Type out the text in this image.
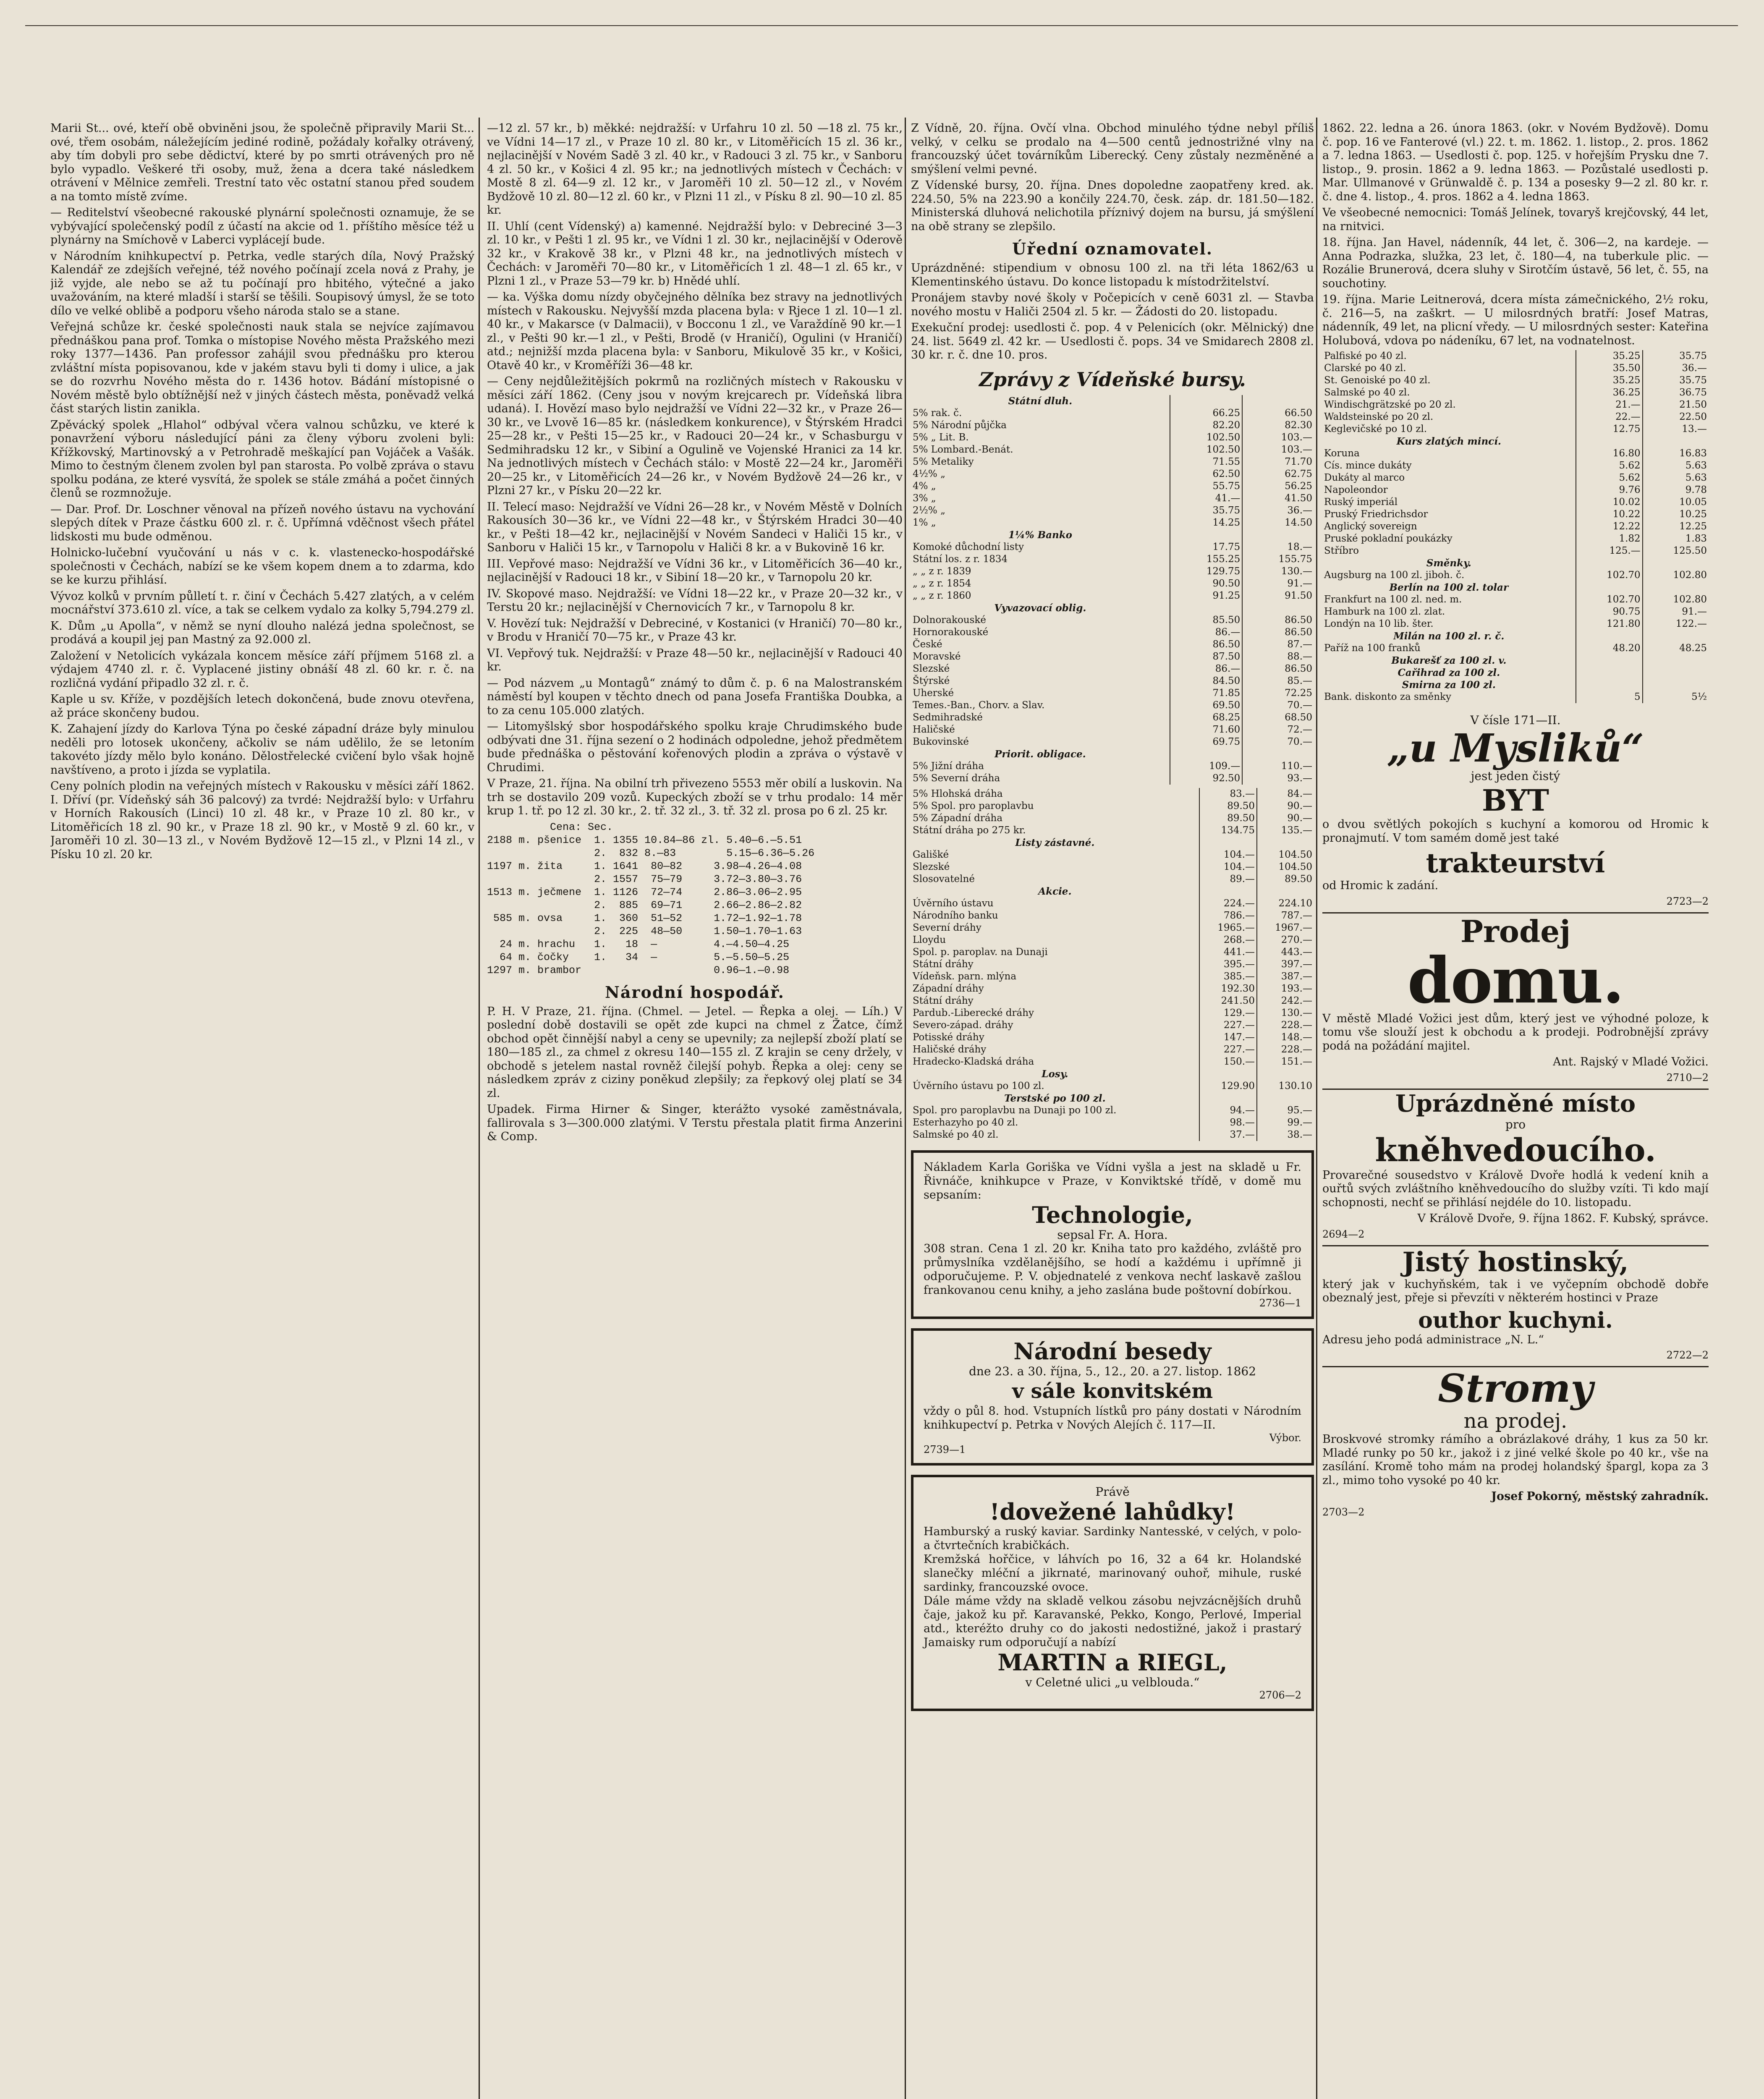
Marii St... ové, kteří obě obviněni jsou, že společně připravily Marii St... ové, třem osobám, náležejícím jediné rodině, požádaly kořalky otrávený, aby tím dobyli pro sebe dědictví, které by po smrti otrávených pro ně bylo vypadlo. Veškeré tři osoby, muž, žena a dcera také následkem otrávení v Mělnice zemřeli. Trestní tato věc ostatní stanou před soudem a na tomto místě zvíme.

— Reditelství všeobecné rakouské plynární společnosti oznamuje, že se vybývající společenský podíl z účastí na akcie od 1. příštího měsíce též u plynárny na Smíchově v Laberci vyplácejí bude.

v Národním knihkupectví p. Petrka, vedle starých díla, Nový Pražský Kalendář ze zdejších veřejné, též nového počínají zcela nová z Prahy, je již vyjde, ale nebo se až tu počínají pro hbitého, výtečné a jako uvažováním, na které mladší i starší se těšili. Soupisový úmysl, že se toto dílo ve velké oblibě a podporu všeho národa stalo se a stane.

Veřejná schůze kr. české společnosti nauk stala se nejvíce zajímavou přednáškou pana prof. Tomka o místopise Nového města Pražského mezi roky 1377—1436. Pan professor zahájil svou přednášku pro kterou zvláštní místa popisovanou, kde v jakém stavu byli ti domy i ulice, a jak se do rozvrhu Nového města do r. 1436 hotov. Bádání místopisné o Novém městě bylo obtížnější než v jiných částech města, poněvadž velká část starých listin zanikla.

Zpěvácký spolek „Hlahol“ odbýval včera valnou schůzku, ve které k ponavržení výboru následující páni za členy výboru zvoleni byli: Křížkovský, Martinovský a v Petrohradě meškající pan Vojáček a Vašák. Mimo to čestným členem zvolen byl pan starosta. Po volbě zpráva o stavu spolku podána, ze které vysvítá, že spolek se stále zmáhá a počet činných členů se rozmnožuje.

— Dar. Prof. Dr. Loschner věnoval na přízeň nového ústavu na vychování slepých dítek v Praze částku 600 zl. r. č. Upřímná vděčnost všech přátel lidskosti mu bude odměnou.

Holnicko-lučební vyučování u nás v c. k. vlastenecko-hospodářské společnosti v Čechách, nabízí se ke všem kopem dnem a to zdarma, kdo se ke kurzu přihlásí.

Vývoz kolků v prvním půlletí t. r. činí v Čechách 5.427 zlatých, a v celém mocnářství 373.610 zl. více, a tak se celkem vydalo za kolky 5,794.279 zl.

K. Dům „u Apolla“, v němž se nyní dlouho nalézá jedna společnost, se prodává a koupil jej pan Mastný za 92.000 zl.

Založení v Netolicích vykázala koncem měsíce září příjmem 5168 zl. a výdajem 4740 zl. r. č. Vyplacené jistiny obnáší 48 zl. 60 kr. r. č. na rozličná vydání připadlo 32 zl. r. č.

Kaple u sv. Kříže, v pozdějších letech dokončená, bude znovu otevřena, až práce skončeny budou.

K. Zahajení jízdy do Karlova Týna po české západní dráze byly minulou neděli pro lotosek ukončeny, ačkoliv se nám udělilo, že se letoním takovéto jízdy mělo bylo konáno. Dělostřelecké cvičení bylo však hojně navštíveno, a proto i jízda se vyplatila.

Ceny polních plodin na veřejných místech v Rakousku v měsíci září 1862. I. Dříví (pr. Vídeňský sáh 36 palcový) za tvrdé: Nejdražší bylo: v Urfahru v Horních Rakousích (Linci) 10 zl. 48 kr., v Praze 10 zl. 80 kr., v Litoměřicích 18 zl. 90 kr., v Praze 18 zl. 90 kr., v Mostě 9 zl. 60 kr., v Jaroměři 10 zl. 30—13 zl., v Novém Bydžově 12—15 zl., v Plzni 14 zl., v Písku 10 zl. 20 kr.

—12 zl. 57 kr., b) měkké: nejdražší: v Urfahru 10 zl. 50 —18 zl. 75 kr., ve Vídni 14—17 zl., v Praze 10 zl. 80 kr., v Litoměřicích 15 zl. 36 kr., nejlacinější v Novém Sadě 3 zl. 40 kr., v Radouci 3 zl. 75 kr., v Sanboru 4 zl. 50 kr., v Košici 4 zl. 95 kr.; na jednotlivých místech v Čechách: v Mostě 8 zl. 64—9 zl. 12 kr., v Jaroměři 10 zl. 50—12 zl., v Novém Bydžově 10 zl. 80—12 zl. 60 kr., v Plzni 11 zl., v Písku 8 zl. 90—10 zl. 85 kr.

II. Uhlí (cent Vídenský) a) kamenné. Nejdražší bylo: v Debreciné 3—3 zl. 10 kr., v Pešti 1 zl. 95 kr., ve Vídni 1 zl. 30 kr., nejlacinější v Oderově 32 kr., v Krakově 38 kr., v Plzni 48 kr., na jednotlivých místech v Čechách: v Jaroměři 70—80 kr., v Litoměřicích 1 zl. 48—1 zl. 65 kr., v Plzni 1 zl., v Praze 53—79 kr. b) Hnědé uhlí.

— ka. Výška domu nízdy obyčejného dělníka bez stravy na jednotlivých místech v Rakousku. Nejvyšší mzda placena byla: v Rjece 1 zl. 10—1 zl. 40 kr., v Makarsce (v Dalmacii), v Bocconu 1 zl., ve Varaždíně 90 kr.—1 zl., v Pešti 90 kr.—1 zl., v Pešti, Brodě (v Hraničí), Ogulini (v Hraničí) atd.; nejnižší mzda placena byla: v Sanboru, Mikulově 35 kr., v Košici, Otavě 40 kr., v Kroměříži 36—48 kr.

— Ceny nejdůležitějších pokrmů na rozličných místech v Rakousku v měsíci září 1862. (Ceny jsou v novým krejcarech pr. Vídeňská libra udaná). I. Hovězí maso bylo nejdražší ve Vídni 22—32 kr., v Praze 26—30 kr., ve Lvově 16—85 kr. (následkem konkurence), v Štýrském Hradci 25—28 kr., v Pešti 15—25 kr., v Radouci 20—24 kr., v Schasburgu v Sedmihradsku 12 kr., v Sibiní a Ogulině ve Vojenské Hranici za 14 kr. Na jednotlivých místech v Čechách stálo: v Mostě 22—24 kr., Jaroměři 20—25 kr., v Litoměřicích 24—26 kr., v Novém Bydžově 24—26 kr., v Plzni 27 kr., v Písku 20—22 kr.

II. Telecí maso: Nejdražší ve Vídni 26—28 kr., v Novém Městě v Dolních Rakousích 30—36 kr., ve Vídni 22—48 kr., v Štýrském Hradci 30—40 kr., v Pešti 18—42 kr., nejlacinější v Novém Sandeci v Haliči 15 kr., v Sanboru v Haliči 15 kr., v Tarnopolu v Haliči 8 kr. a v Bukovině 16 kr.

III. Vepřové maso: Nejdražší ve Vídni 36 kr., v Litoměřicích 36—40 kr., nejlacinější v Radouci 18 kr., v Sibiní 18—20 kr., v Tarnopolu 20 kr.

IV. Skopové maso. Nejdražší: ve Vídni 18—22 kr., v Praze 20—32 kr., v Terstu 20 kr.; nejlacinější v Chernovicích 7 kr., v Tarnopolu 8 kr.

V. Hovězí tuk: Nejdražší v Debreciné, v Kostanici (v Hraničí) 70—80 kr., v Brodu v Hraničí 70—75 kr., v Praze 43 kr.

VI. Vepřový tuk. Nejdražší: v Praze 48—50 kr., nejlacinější v Radouci 40 kr.

— Pod názvem „u Montagů“ známý to dům č. p. 6 na Malostranském náměstí byl koupen v těchto dnech od pana Josefa Františka Doubka, a to za cenu 105.000 zlatých.

— Litomyšlský sbor hospodářského spolku kraje Chrudimského bude odbývati dne 31. října sezení o 2 hodinách odpoledne, jehož předmětem bude přednáška o pěstování kořenových plodin a zpráva o výstavě v Chrudimi.

V Praze, 21. října. Na obilní trh přivezeno 5553 měr obilí a luskovin. Na trh se dostavilo 209 vozů. Kupeckých zboží se v trhu prodalo: 14 měr krup 1. tř. po 12 zl. 30 kr., 2. tř. 32 zl., 3. tř. 32 zl. prosa po 6 zl. 25 kr.

Cena: Sec.
2188 m. pšenice  1. 1355 10.84—86 zl. 5.40—6.—5.51
2.  832 8.—83        5.15—6.36—5.26
1197 m. žita     1. 1641  80—82     3.98—4.26—4.08
2. 1557  75—79     3.72—3.80—3.76
1513 m. ječmene  1. 1126  72—74     2.86—3.06—2.95
2.  885  69—71     2.66—2.86—2.82
585 m. ovsa     1.  360  51—52     1.72—1.92—1.78
2.  225  48—50     1.50—1.70—1.63
24 m. hrachu   1.   18  —         4.—4.50—4.25
64 m. čočky    1.   34  —         5.—5.50—5.25
1297 m. brambor                     0.96—1.—0.98
Národní hospodář.

P. H. V Praze, 21. října. (Chmel. — Jetel. — Řepka a olej. — Líh.) V poslední době dostavili se opět zde kupci na chmel z Žatce, čímž obchod opět činnější nabyl a ceny se upevnily; za nejlepší zboží platí se 180—185 zl., za chmel z okresu 140—155 zl. Z krajin se ceny držely, v obchodě s jetelem nastal rovněž čilejší pohyb. Řepka a olej: ceny se následkem zpráv z ciziny poněkud zlepšily; za řepkový olej platí se 34 zl.

Upadek. Firma Hirner & Singer, kterážto vysoké zaměstnávala, fallirovala s 3—300.000 zlatými. V Terstu přestala platit firma Anzerini & Comp.

Z Vídně, 20. října. Ovčí vlna. Obchod minulého týdne nebyl příliš velký, v celku se prodalo na 4—500 centů jednostrižné vlny na francouzský účet továrníkům Liberecký. Ceny zůstaly nezměněné a smýšlení velmi pevné.

Z Vídenské bursy, 20. října. Dnes dopoledne zaopatřeny kred. ak. 224.50, 5% na 223.90 a končily 224.70, česk. záp. dr. 181.50—182. Ministerská dluhová nelichotila příznivý dojem na bursu, já smýšlení na obě strany se zlepšilo.

Úřední oznamovatel.

Uprázdněné: stipendium v obnosu 100 zl. na tři léta 1862/63 u Klementinského ústavu. Do konce listopadu k místodržitelství.

Pronájem stavby nové školy v Počepicích v ceně 6031 zl. — Stavba nového mostu v Haliči 2504 zl. 5 kr. — Žádosti do 20. listopadu.

Exekuční prodej: usedlosti č. pop. 4 v Pelenicích (okr. Mělnický) dne 24. list. 5649 zl. 42 kr. — Usedlosti č. pops. 34 ve Smidarech 2808 zl. 30 kr. r. č. dne 10. pros.

Zprávy z Vídeňské bursy.
Státní dluh.		
5% rak. č.	66.25	66.50
5% Národní půjčka	82.20	82.30
5% „ Lit. B.	102.50	103.—
5% Lombard.-Benát.	102.50	103.—
5% Metaliky	71.55	71.70
4½% „	62.50	62.75
4% „	55.75	56.25
3% „	41.—	41.50
2½% „	35.75	36.—
1% „	14.25	14.50
1¼% Banko		
Komoké důchodní listy	17.75	18.—
Státní los. z r. 1834	155.25	155.75
„ „ z r. 1839	129.75	130.—
„ „ z r. 1854	90.50	91.—
„ „ z r. 1860	91.25	91.50
Vyvazovací oblig.		
Dolnorakouské	85.50	86.50
Hornorakouské	86.—	86.50
České	86.50	87.—
Moravské	87.50	88.—
Slezské	86.—	86.50
Štýrské	84.50	85.—
Uherské	71.85	72.25
Temes.-Ban., Chorv. a Slav.	69.50	70.—
Sedmihradské	68.25	68.50
Haličské	71.60	72.—
Bukovinské	69.75	70.—
Priorit. obligace.		
5% Jižní dráha	109.—	110.—
5% Severní dráha	92.50	93.—
5% Hlohská dráha	83.—	84.—
5% Spol. pro paroplavbu	89.50	90.—
5% Západní dráha	89.50	90.—
Státní dráha po 275 kr.	134.75	135.—
Listy zástavné.		
Gališké	104.—	104.50
Slezské	104.—	104.50
Slosovatelné	89.—	89.50
Akcie.		
Úvěrního ústavu	224.—	224.10
Národního banku	786.—	787.—
Severní dráhy	1965.—	1967.—
Lloydu	268.—	270.—
Spol. p. paroplav. na Dunaji	441.—	443.—
Státní dráhy	395.—	397.—
Vídeňsk. parn. mlýna	385.—	387.—
Západní dráhy	192.30	193.—
Státní dráhy	241.50	242.—
Pardub.-Liberecké dráhy	129.—	130.—
Severo-západ. dráhy	227.—	228.—
Potisské dráhy	147.—	148.—
Haličské dráhy	227.—	228.—
Hradecko-Kladská dráha	150.—	151.—
Losy.		
Úvěrního ústavu po 100 zl.	129.90	130.10
Terstské po 100 zl.		
Spol. pro paroplavbu na Dunaji po 100 zl.	94.—	95.—
Esterhazyho po 40 zl.	98.—	99.—
Salmské po 40 zl.	37.—	38.—
Nákladem Karla Goriška ve Vídni vyšla a jest na skladě u Fr. Řivnáče, knihkupce v Praze, v Konviktské třídě, v domě mu sepsaním:
Technologie,
sepsal Fr. A. Hora.
308 stran. Cena 1 zl. 20 kr. Kniha tato pro každého, zvláště pro průmyslníka vzdělanějšího, se hodí a každému i upřímně ji odporučujeme. P. V. objednatelé z venkova nechť laskavě zašlou frankovanou cenu knihy, a jeho zaslána bude poštovní dobírkou.
2736—1
Národní besedy
dne 23. a 30. října, 5., 12., 20. a 27. listop. 1862
v sále konvitském
vždy o půl 8. hod. Vstupních lístků pro pány dostati v Národním knihkupectví p. Petrka v Nových Alejích č. 117—II.
Výbor.
2739—1
Právě
!dovežené lahůdky!
Hamburský a ruský kaviar. Sardinky Nantesské, v celých, v polo- a čtvrtečních krabičkách.
Kremžská hořčice, v láhvích po 16, 32 a 64 kr. Holandské slanečky mléční a jikrnaté, marinovaný ouhoř, mihule, ruské sardinky, francouzské ovoce.
Dále máme vždy na skladě velkou zásobu nejvzácnějších druhů čaje, jakož ku př. Karavanské, Pekko, Kongo, Perlové, Imperial atd., kteréžto druhy co do jakosti nedostižné, jakož i prastarý Jamaisky rum odporučují a nabízí
MARTIN a RIEGL,
v Celetné ulici „u velblouda.“
2706—2

1862. 22. ledna a 26. února 1863. (okr. v Novém Bydžově). Domu č. pop. 16 ve Fanterové (vl.) 22. t. m. 1862. 1. listop., 2. pros. 1862 a 7. ledna 1863. — Usedlosti č. pop. 125. v hořejším Prysku dne 7. listop., 9. prosin. 1862 a 9. ledna 1863. — Pozůstalé usedlosti p. Mar. Ullmanové v Grünwaldě č. p. 134 a posesky 9—2 zl. 80 kr. r. č. dne 4. listop., 4. pros. 1862 a 4. ledna 1863.

Ve všeobecné nemocnici: Tomáš Jelínek, tovaryš krejčovský, 44 let, na rnitvici.

18. října. Jan Havel, nádenník, 44 let, č. 306—2, na kardeje. — Anna Podrazka, služka, 23 let, č. 180—4, na tuberkule plic. — Rozálie Brunerová, dcera sluhy v Sirotčím ústavě, 56 let, č. 55, na souchotiny.

19. října. Marie Leitnerová, dcera místa zámečnického, 2½ roku, č. 216—5, na zaškrt. — U milosrdných bratří: Josef Matras, nádenník, 49 let, na plicní vředy. — U milosrdných sester: Kateřina Holubová, vdova po nádeníku, 67 let, na vodnatelnost.

Palfiské po 40 zl.	35.25	35.75
Clarské po 40 zl.	35.50	36.—
St. Genoiské po 40 zl.	35.25	35.75
Salmské po 40 zl.	36.25	36.75
Windischgrätzské po 20 zl.	21.—	21.50
Waldsteinské po 20 zl.	22.—	22.50
Keglevičské po 10 zl.	12.75	13.—
Kurs zlatých mincí.		
Koruna	16.80	16.83
Cís. mince dukáty	5.62	5.63
Dukáty al marco	5.62	5.63
Napoleondor	9.76	9.78
Ruský imperiál	10.02	10.05
Pruský Friedrichsdor	10.22	10.25
Anglický sovereign	12.22	12.25
Pruské pokladní poukázky	1.82	1.83
Stříbro	125.—	125.50
Směnky.		
Augsburg na 100 zl. jiboh. č.	102.70	102.80
Berlín na 100 zl. tolar		
Frankfurt na 100 zl. ned. m.	102.70	102.80
Hamburk na 100 zl. zlat.	90.75	91.—
Londýn na 10 lib. šter.	121.80	122.—
Milán na 100 zl. r. č.		
Paříž na 100 franků	48.20	48.25
Bukarešť za 100 zl. v.		
Cařihrad za 100 zl.		
Smirna za 100 zl.		
Bank. diskonto za směnky	5	5½
V čísle 171—II.
„u Mysliků“
jest jeden čistý
BYT
o dvou světlých pokojích s kuchyní a komorou od Hromic k pronajmutí. V tom samém domě jest také
trakteurství
od Hromic k zadání.
2723—2
Prodej
domu.
V městě Mladé Vožici jest dům, který jest ve výhodné poloze, k tomu vše slouží jest k obchodu a k prodeji. Podrobnější zprávy podá na požádání majitel.
Ant. Rajský v Mladé Vožici.
2710—2
Uprázdněné místo
pro
kněhvedoucího.
Provarečné sousedstvo v Králově Dvoře hodlá k vedení knih a ouřtů svých zvláštního kněhvedoucího do služby vzíti. Ti kdo mají schopnosti, nechť se přihlásí nejdéle do 10. listopadu.
V Králově Dvoře, 9. října 1862. F. Kubský, správce.
2694—2
Jistý hostinský,
který jak v kuchyňském, tak i ve vyčepním obchodě dobře obeznalý jest, přeje si převzíti v některém hostinci v Praze
outhor kuchyni.
Adresu jeho podá administrace „N. L.“
2722—2
Stromy
na prodej.
Broskvové stromky rámího a obrázlakové dráhy, 1 kus za 50 kr. Mladé runky po 50 kr., jakož i z jiné velké škole po 40 kr., vše na zasílání. Kromě toho mám na prodej holandský špargl, kopa za 3 zl., mimo toho vysoké po 40 kr.
Josef Pokorný, městský zahradník.
2703—2
